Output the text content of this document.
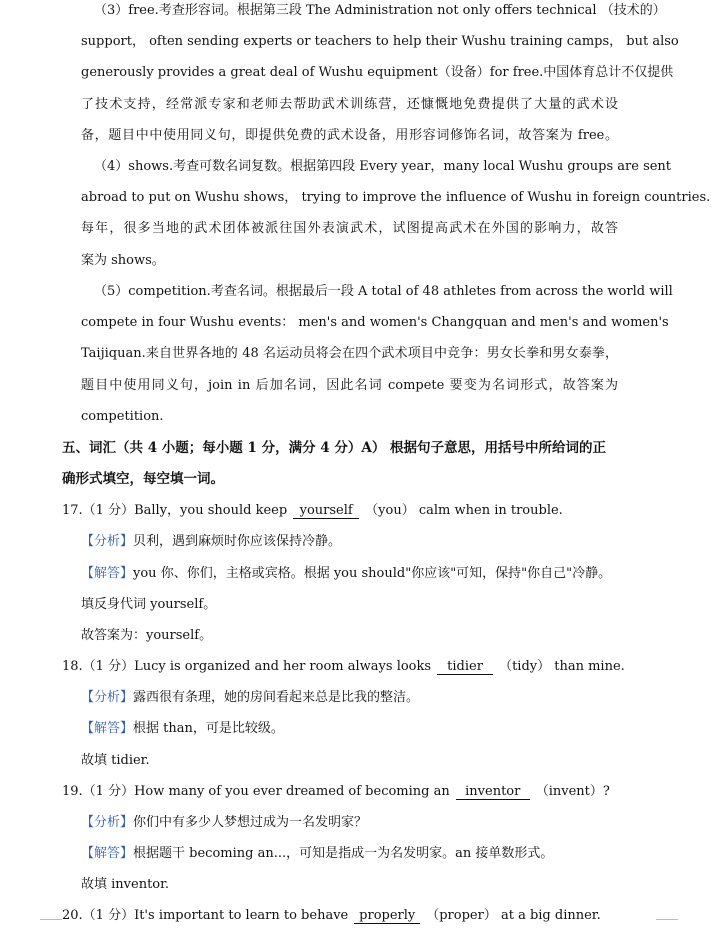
（3）free.考查形容词。根据第三段 The Administration not only offers technical （技术的）
support， often sending experts or teachers to help their Wushu training camps， but also
generously provides a great deal of Wushu equipment（设备）for free.中国体育总计不仅提供
了技术支持，经常派专家和老师去帮助武术训练营，还慷慨地免费提供了大量的武术设
备，题目中中使用同义句，即提供免费的武术设备，用形容词修饰名词，故答案为 free。
（4）shows.考查可数名词复数。根据第四段 Every year，many local Wushu groups are sent
abroad to put on Wushu shows， trying to improve the influence of Wushu in foreign countries.
每年，很多当地的武术团体被派往国外表演武术，试图提高武术在外国的影响力，故答
案为 shows。
（5）competition.考查名词。根据最后一段 A total of 48 athletes from across the world will
compete in four Wushu events： men's and women's Changquan and men's and women's
Taijiquan.来自世界各地的 48 名运动员将会在四个武术项目中竞争：男女长拳和男女泰拳，
题目中使用同义句，join in 后加名词，因此名词 compete 要变为名词形式，故答案为
competition.
五、词汇（共 4 小题；每小题 1 分，满分 4 分）A） 根据句子意思，用括号中所给词的正
确形式填空，每空填一词。
17.（1 分）Bally，you should keep yourself （you） calm when in trouble.
【分析】贝利，遇到麻烦时你应该保持冷静。
【解答】you 你、你们，主格或宾格。根据 you should"你应该"可知，保持"你自己"冷静。
填反身代词 yourself。
故答案为：yourself。
18.（1 分）Lucy is organized and her room always looks tidier （tidy） than mine.
【分析】露西很有条理，她的房间看起来总是比我的整洁。
【解答】根据 than，可是比较级。
故填 tidier.
19.（1 分）How many of you ever dreamed of becoming an inventor （invent）?
【分析】你们中有多少人梦想过成为一名发明家？
【解答】根据题干 becoming an...，可知是指成一为名发明家。an 接单数形式。
故填 inventor.
20.（1 分）It's important to learn to behave properly （proper） at a big dinner.
